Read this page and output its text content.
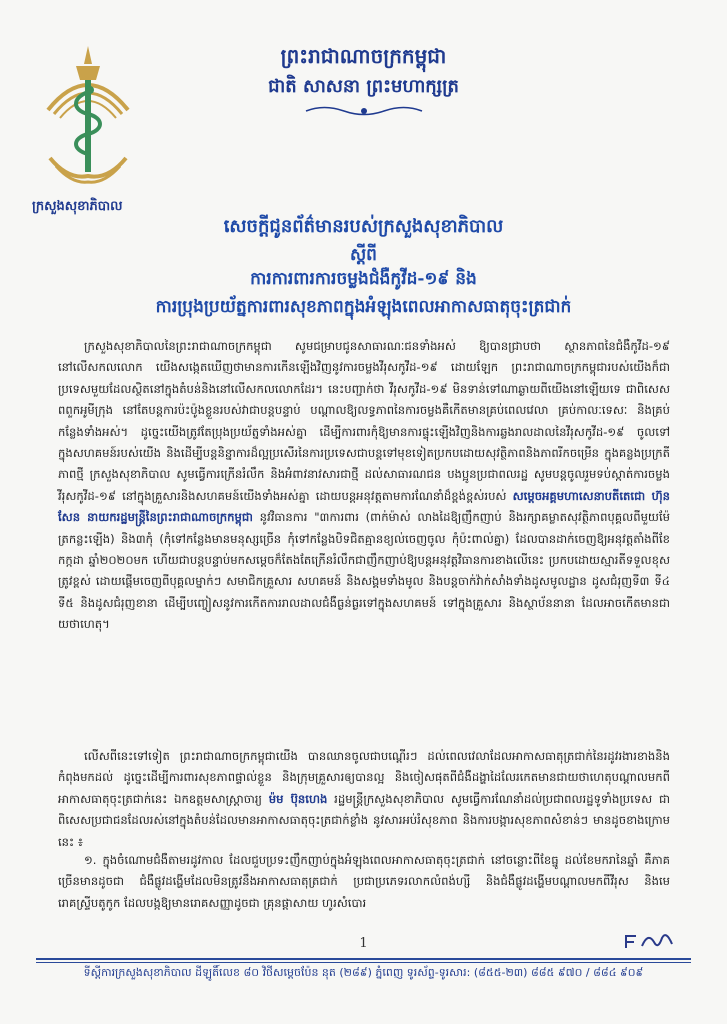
ក្រសួងសុខាភិបាល
ព្រះរាជាណាចក្រកម្ពុជា
ជាតិ សាសនា ព្រះមហាក្សត្រ
សេចក្តីជូនព័ត៌មានរបស់ក្រសួងសុខាភិបាល
ស្តីពី
ការការពារការចម្លងជំងឺកូវីដ-១៩ និង
ការប្រុងប្រយ័ត្នការពារសុខភាពក្នុងអំឡុងពេលអាកាសធាតុចុះត្រជាក់
ក្រសួងសុខាភិបាលនៃព្រះរាជាណាចក្រកម្ពុជា សូមជម្រាបជូនសាធារណៈជនទាំងអស់ ឱ្យបានជ្រាបថា ស្ថានភាពនៃជំងឺកូវីដ-១៩ នៅលើសកលលោក យើងសង្កេតឃើញថាមានការកើនឡើងវិញនូវការចម្លងវីរុសកូវីដ-១៩ ដោយឡែក ព្រះរាជាណាចក្រកម្ពុជារបស់យើងក៏ជាប្រទេសមួយដែលស្ថិតនៅក្នុងតំបន់និងនៅលើសកលលោកដែរ។ នេះបញ្ជាក់ថា វីរុសកូវីដ-១៩ មិនទាន់ទៅណាឆ្ងាយពីយើងនៅឡើយទេ ជាពិសេសពពួកអូមីក្រុង នៅតែបន្តការប៉ះប៉ូងខ្លួនរបស់វាជាបន្តបន្ទាប់ បណ្តាលឱ្យលទ្ធភាពនៃការចម្លងគឺកើតមានគ្រប់ពេលវេលា គ្រប់កាលៈទេសៈ និងគ្រប់កន្លែងទាំងអស់។ ដូច្នេះយើងត្រូវតែប្រុងប្រយ័ត្នទាំងអស់គ្នា ដើម្បីការពារកុំឱ្យមានការផ្ទុះឡើងវិញនិងការឆ្លងរាលដាលនៃវីរុសកូវីដ-១៩ ចូលទៅក្នុងសហគមន៍របស់យើង និងដើម្បីបន្តនិន្នាការដ៏ល្អប្រសើរនៃការប្រទេសជាបន្តទៅមុខទៀតប្រកបដោយសុវត្ថិភាពនិងភាពរីកចម្រើន ក្នុងគន្លងប្រក្រតីភាពថ្មី ក្រសួងសុខាភិបាល សូមធ្វើការក្រើនរំលឹក និងអំពាវនាវសារជាថ្មី ដល់សាធារណជន បងប្អូនប្រជាពលរដ្ឋ សូមបន្តចូលរួមទប់ស្កាត់ការចម្លងវីរុសកូវីដ-១៩ នៅក្នុងគ្រួសារនិងសហគមន៍យើងទាំងអស់គ្នា ដោយបន្តអនុវត្តតាមការណែនាំដ៏ខ្ពង់ខ្ពស់របស់ សម្តេចអគ្គមហាសេនាបតីតេជោ ហ៊ុន សែន នាយករដ្ឋមន្ត្រីនៃព្រះរាជាណាចក្រកម្ពុជា នូវវិធានការ "៣ការពារ (ពាក់ម៉ាស់ លាងដៃឱ្យញឹកញាប់ និងរក្សាគម្លាតសុវត្ថិភាពបុគ្គលពីមួយម៉ែត្រកន្លះឡើង) និង៣កុំ (កុំទៅកន្លែងមានមនុស្សច្រើន កុំទៅកន្លែងបិទជិតគ្មានខ្យល់ចេញចូល កុំប៉ះពាល់គ្នា) ដែលបានដាក់ចេញឱ្យអនុវត្តតាំងពីខែកក្កដា ឆ្នាំ២០២០មក ហើយជាបន្តបន្ទាប់មកសម្តេចក៏តែងតែក្រើនរំលឹកជាញឹកញាប់ឱ្យបន្តអនុវត្តវិធានការខាងលើនេះ ប្រកបដោយស្មារតីទទួលខុសត្រូវខ្ពស់ ដោយផ្តើមចេញពីបុគ្គលម្នាក់ៗ សមាជិកគ្រួសារ សហគមន៍ និងសង្គមទាំងមូល និងបន្តចាក់វ៉ាក់សាំងទាំងដូសមូលដ្ឋាន ដូសជំរុញទី៣ ទី៤ ទី៥ និងដូសជំរុញខានា ដើម្បីបញ្ចៀសនូវការកើតការរាលដាលជំងឺធ្ងន់ធ្ងរទៅក្នុងសហគមន៍ ទៅក្នុងគ្រួសារ និងស្ថាប័ននានា ដែលអាចកើតមានជាយថាហេតុ។
លើសពីនេះទៅទៀត ព្រះរាជាណាចក្រកម្ពុជាយើង បានឈានចូលជាបណ្តើរៗ ដល់ពេលវេលាដែលអាកាសធាតុត្រជាក់នៃរដូវរងារខាងនិងកំពុងមកដល់ ដូច្នេះដើម្បីការពារសុខភាពផ្ទាល់ខ្លួន និងក្រុមគ្រួសារឲ្យបានល្អ និងចៀសផុតពីជំងឺដង្ហាដៃលែរកេតមានជាយថាហេតុបណ្តាលមកពីអាកាសធាតុចុះត្រជាក់នេះ ឯកឧត្តមសាស្ត្រាចារ្យ ម៉ម ប៊ុនហេង រដ្ឋមន្ត្រីក្រសួងសុខាភិបាល សូមធ្វើការណែនាំដល់ប្រជាពលរដ្ឋទូទាំងប្រទេស ជាពិសេសប្រជាជនដែលរស់នៅក្នុងតំបន់ដែលមានអាកាសធាតុចុះត្រជាក់ខ្លាំង នូវសារអប់រំសុខភាព និងការបង្ការសុខភាពសំខាន់ៗ មានដូចខាងក្រោមនេះ ៖
១. ក្នុងចំណោមជំងឺតាមរដូវកាល ដែលជួបប្រទះញឹកញាប់ក្នុងអំឡុងពេលអាកាសធាតុចុះត្រជាក់ នៅចន្លោះពីខែធ្នូ ដល់ខែមករានៃឆ្នាំ គឺភាគច្រើនមានដូចជា ជំងឺផ្លូវដង្ហើមដែលមិនត្រូវនឹងអាកាសធាតុត្រជាក់ ប្រជាប្រភេទរលាកលំពង់ហ្សី និងជំងឺផ្លូវដង្ហើមបណ្តាលមកពីវីរុស និងមេរោគស្រ្ទីបតូកូក ដែលបង្កឱ្យមានរោគសញ្ញាដូចជា គ្រុនផ្តាសាយ ហូរសំបោរ
1
ទីស្តីការក្រសួងសុខាភិបាល ដីឡូតិ៍លេខ ៨០ វិថីសម្តេចប៉ែន នុត (២៨៩) ភ្នំពេញ ទូរស័ព្ទ-ទូរសារ: (៨៥៥-២៣) ៨៨៥ ៩៧០ / ៨៨៤ ៩០៩
